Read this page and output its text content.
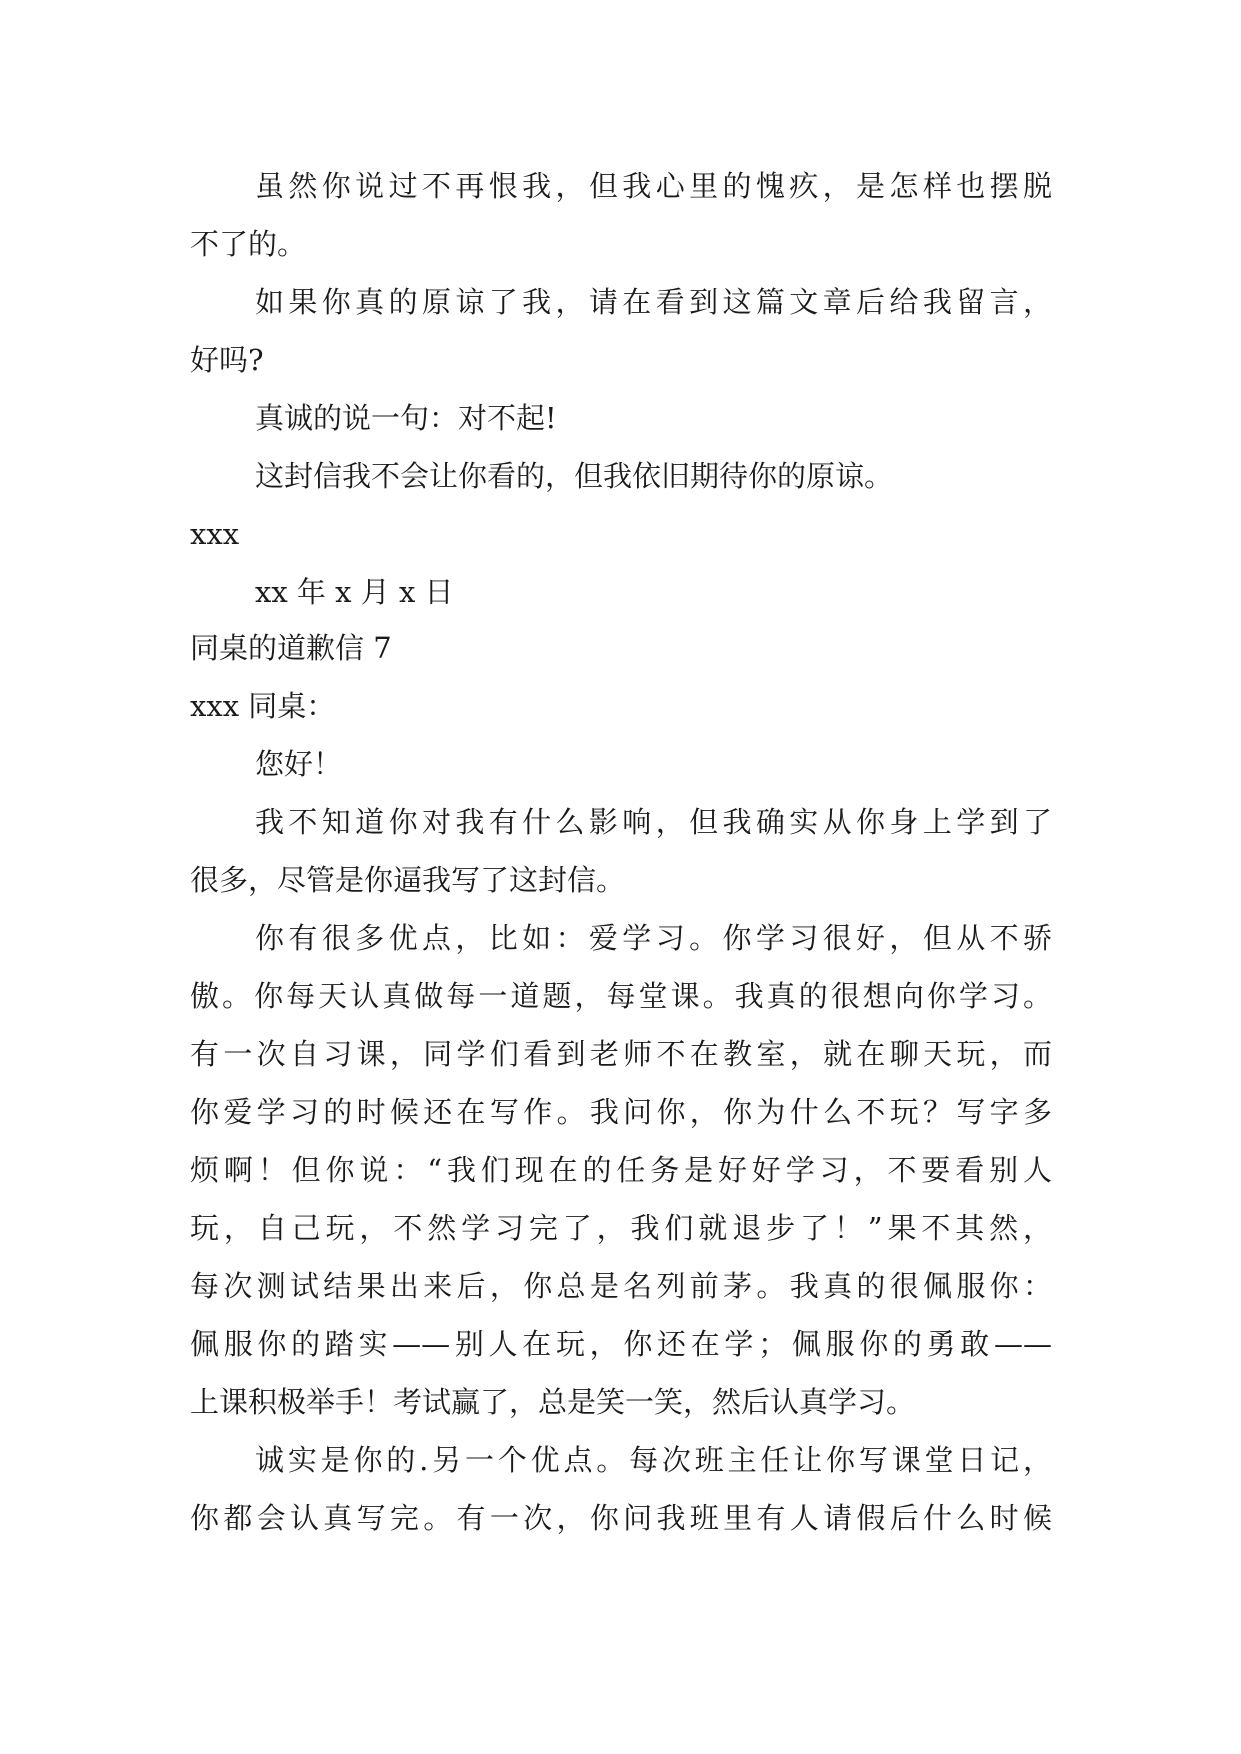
虽然你说过不再恨我，但我心里的愧疚，是怎样也摆脱

不了的。

如果你真的原谅了我，请在看到这篇文章后给我留言，

好吗?

真诚的说一句：对不起!

这封信我不会让你看的，但我依旧期待你的原谅。

xxx

xx 年 x 月 x 日

同桌的道歉信 7

xxx 同桌：

您好！

我不知道你对我有什么影响，但我确实从你身上学到了

很多，尽管是你逼我写了这封信。

你有很多优点，比如：爱学习。你学习很好，但从不骄

傲。你每天认真做每一道题，每堂课。我真的很想向你学习。

有一次自习课，同学们看到老师不在教室，就在聊天玩，而

你爱学习的时候还在写作。我问你，你为什么不玩？写字多

烦啊！但你说：“我们现在的任务是好好学习，不要看别人

玩，自己玩，不然学习完了，我们就退步了！”果不其然，

每次测试结果出来后，你总是名列前茅。我真的很佩服你：

佩服你的踏实——别人在玩，你还在学；佩服你的勇敢——

上课积极举手！考试赢了，总是笑一笑，然后认真学习。

诚实是你的.另一个优点。每次班主任让你写课堂日记，

你都会认真写完。有一次，你问我班里有人请假后什么时候
